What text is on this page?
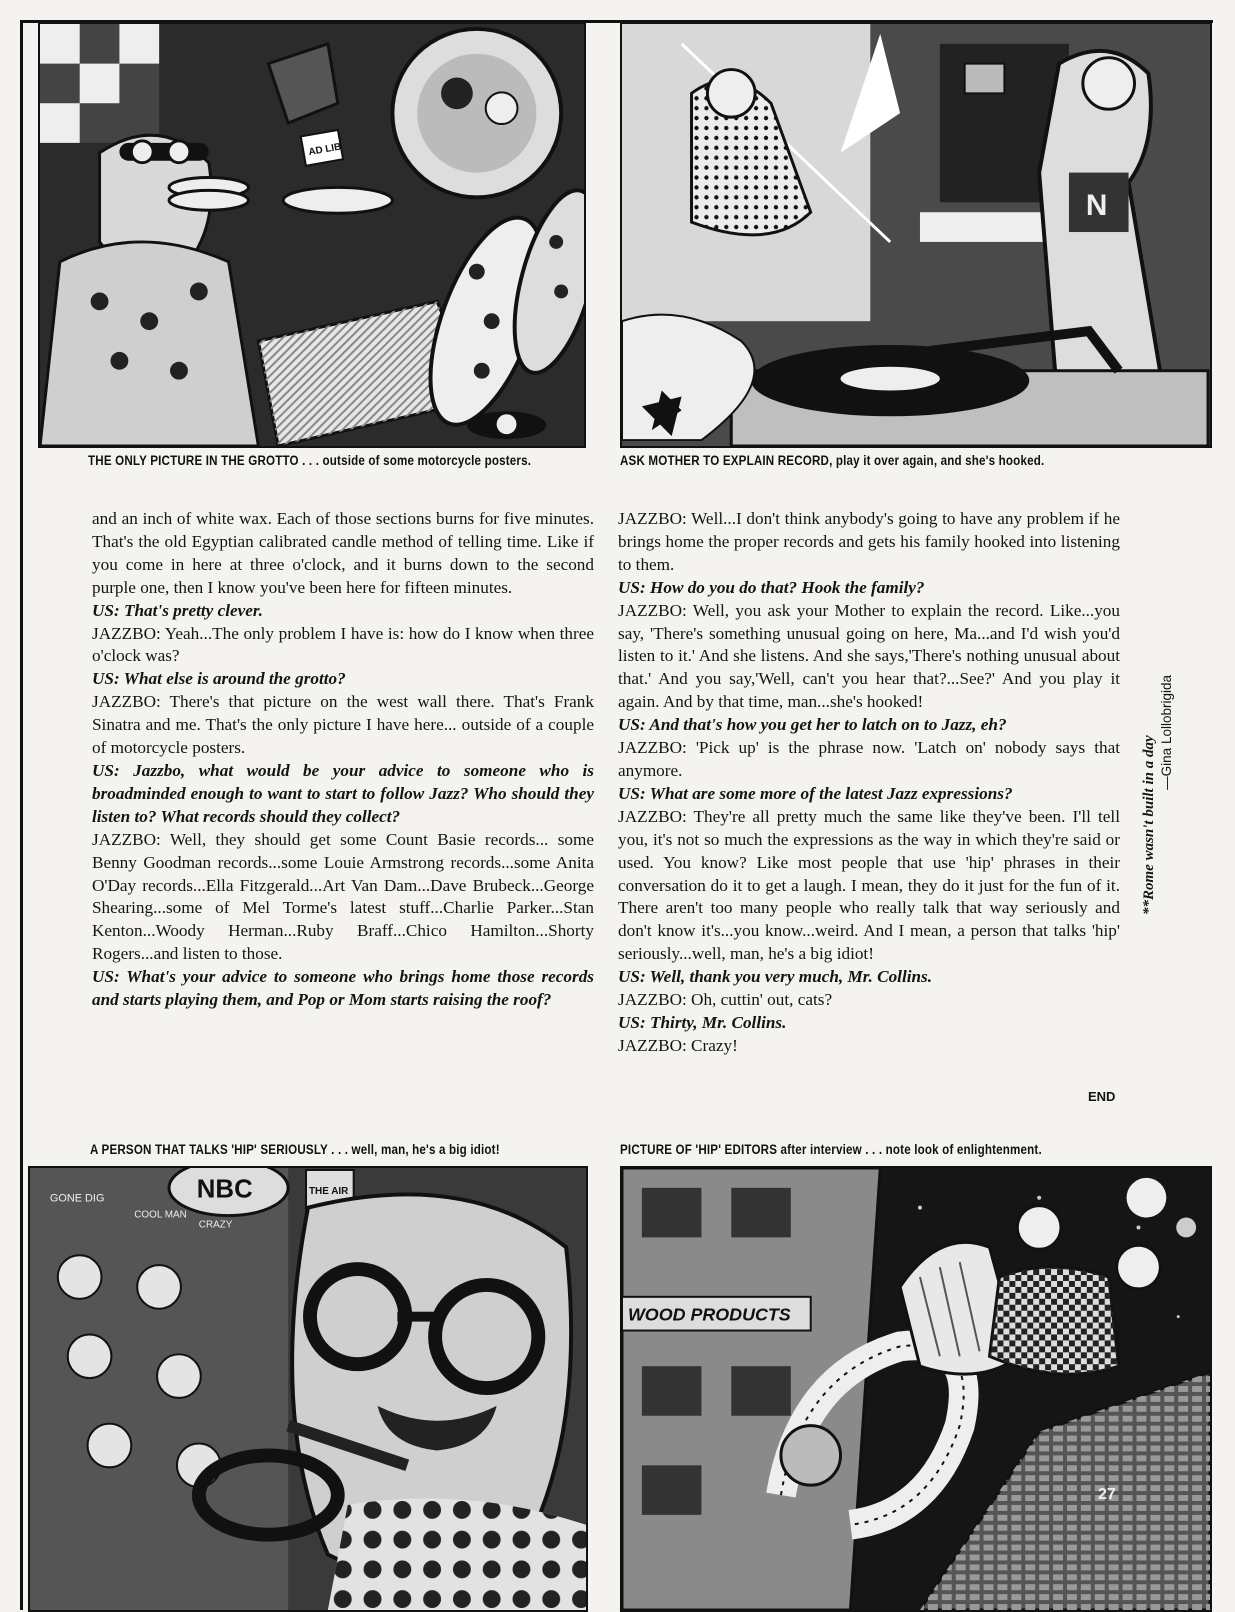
AD LIB
THE ONLY PICTURE IN THE GROTTO . . . outside of some motorcycle posters.
N
ASK MOTHER TO EXPLAIN RECORD, play it over again, and she's hooked.

and an inch of white wax. Each of those sections burns for five minutes. That's the old Egyptian calibrated candle method of telling time. Like if you come in here at three o'clock, and it burns down to the second purple one, then I know you've been here for fifteen minutes.

US: That's pretty clever.

JAZZBO: Yeah...The only problem I have is: how do I know when three o'clock was?

US: What else is around the grotto?

JAZZBO: There's that picture on the west wall there. That's Frank Sinatra and me. That's the only picture I have here... outside of a couple of motorcycle posters.

US: Jazzbo, what would be your advice to someone who is broadminded enough to want to start to follow Jazz? Who should they listen to? What records should they collect?

JAZZBO: Well, they should get some Count Basie records... some Benny Goodman records...some Louie Armstrong records...some Anita O'Day records...Ella Fitzgerald...Art Van Dam...Dave Brubeck...George Shearing...some of Mel Torme's latest stuff...Charlie Parker...Stan Kenton...Woody Herman...Ruby Braff...Chico Hamilton...Shorty Rogers...and listen to those.

US: What's your advice to someone who brings home those records and starts playing them, and Pop or Mom starts raising the roof?

JAZZBO: Well...I don't think anybody's going to have any problem if he brings home the proper records and gets his family hooked into listening to them.

US: How do you do that? Hook the family?

JAZZBO: Well, you ask your Mother to explain the record. Like...you say, 'There's something unusual going on here, Ma...and I'd wish you'd listen to it.' And she listens. And she says,'There's nothing unusual about that.' And you say,'Well, can't you hear that?...See?' And you play it again. And by that time, man...she's hooked!

US: And that's how you get her to latch on to Jazz, eh?

JAZZBO: 'Pick up' is the phrase now. 'Latch on' nobody says that anymore.

US: What are some more of the latest Jazz expressions?

JAZZBO: They're all pretty much the same like they've been. I'll tell you, it's not so much the expressions as the way in which they're said or used. You know? Like most people that use 'hip' phrases in their conversation do it to get a laugh. I mean, they do it just for the fun of it. There aren't too many people who really talk that way seriously and don't know it's...you know...weird. And I mean, a person that talks 'hip' seriously...well, man, he's a big idiot!

US: Well, thank you very much, Mr. Collins.

JAZZBO: Oh, cuttin' out, cats?

US: Thirty, Mr. Collins.

JAZZBO: Crazy!

END
**Rome wasn't built in a day
—Gina Lollobrigida
A PERSON THAT TALKS 'HIP' SERIOUSLY . . . well, man, he's a big idiot!	PICTURE OF 'HIP' EDITORS after interview . . . note look of enlightenment.
NBC	THE AIR
GONE DIG
COOL MAN
CRAZY
WOOD PRODUCTS
27
